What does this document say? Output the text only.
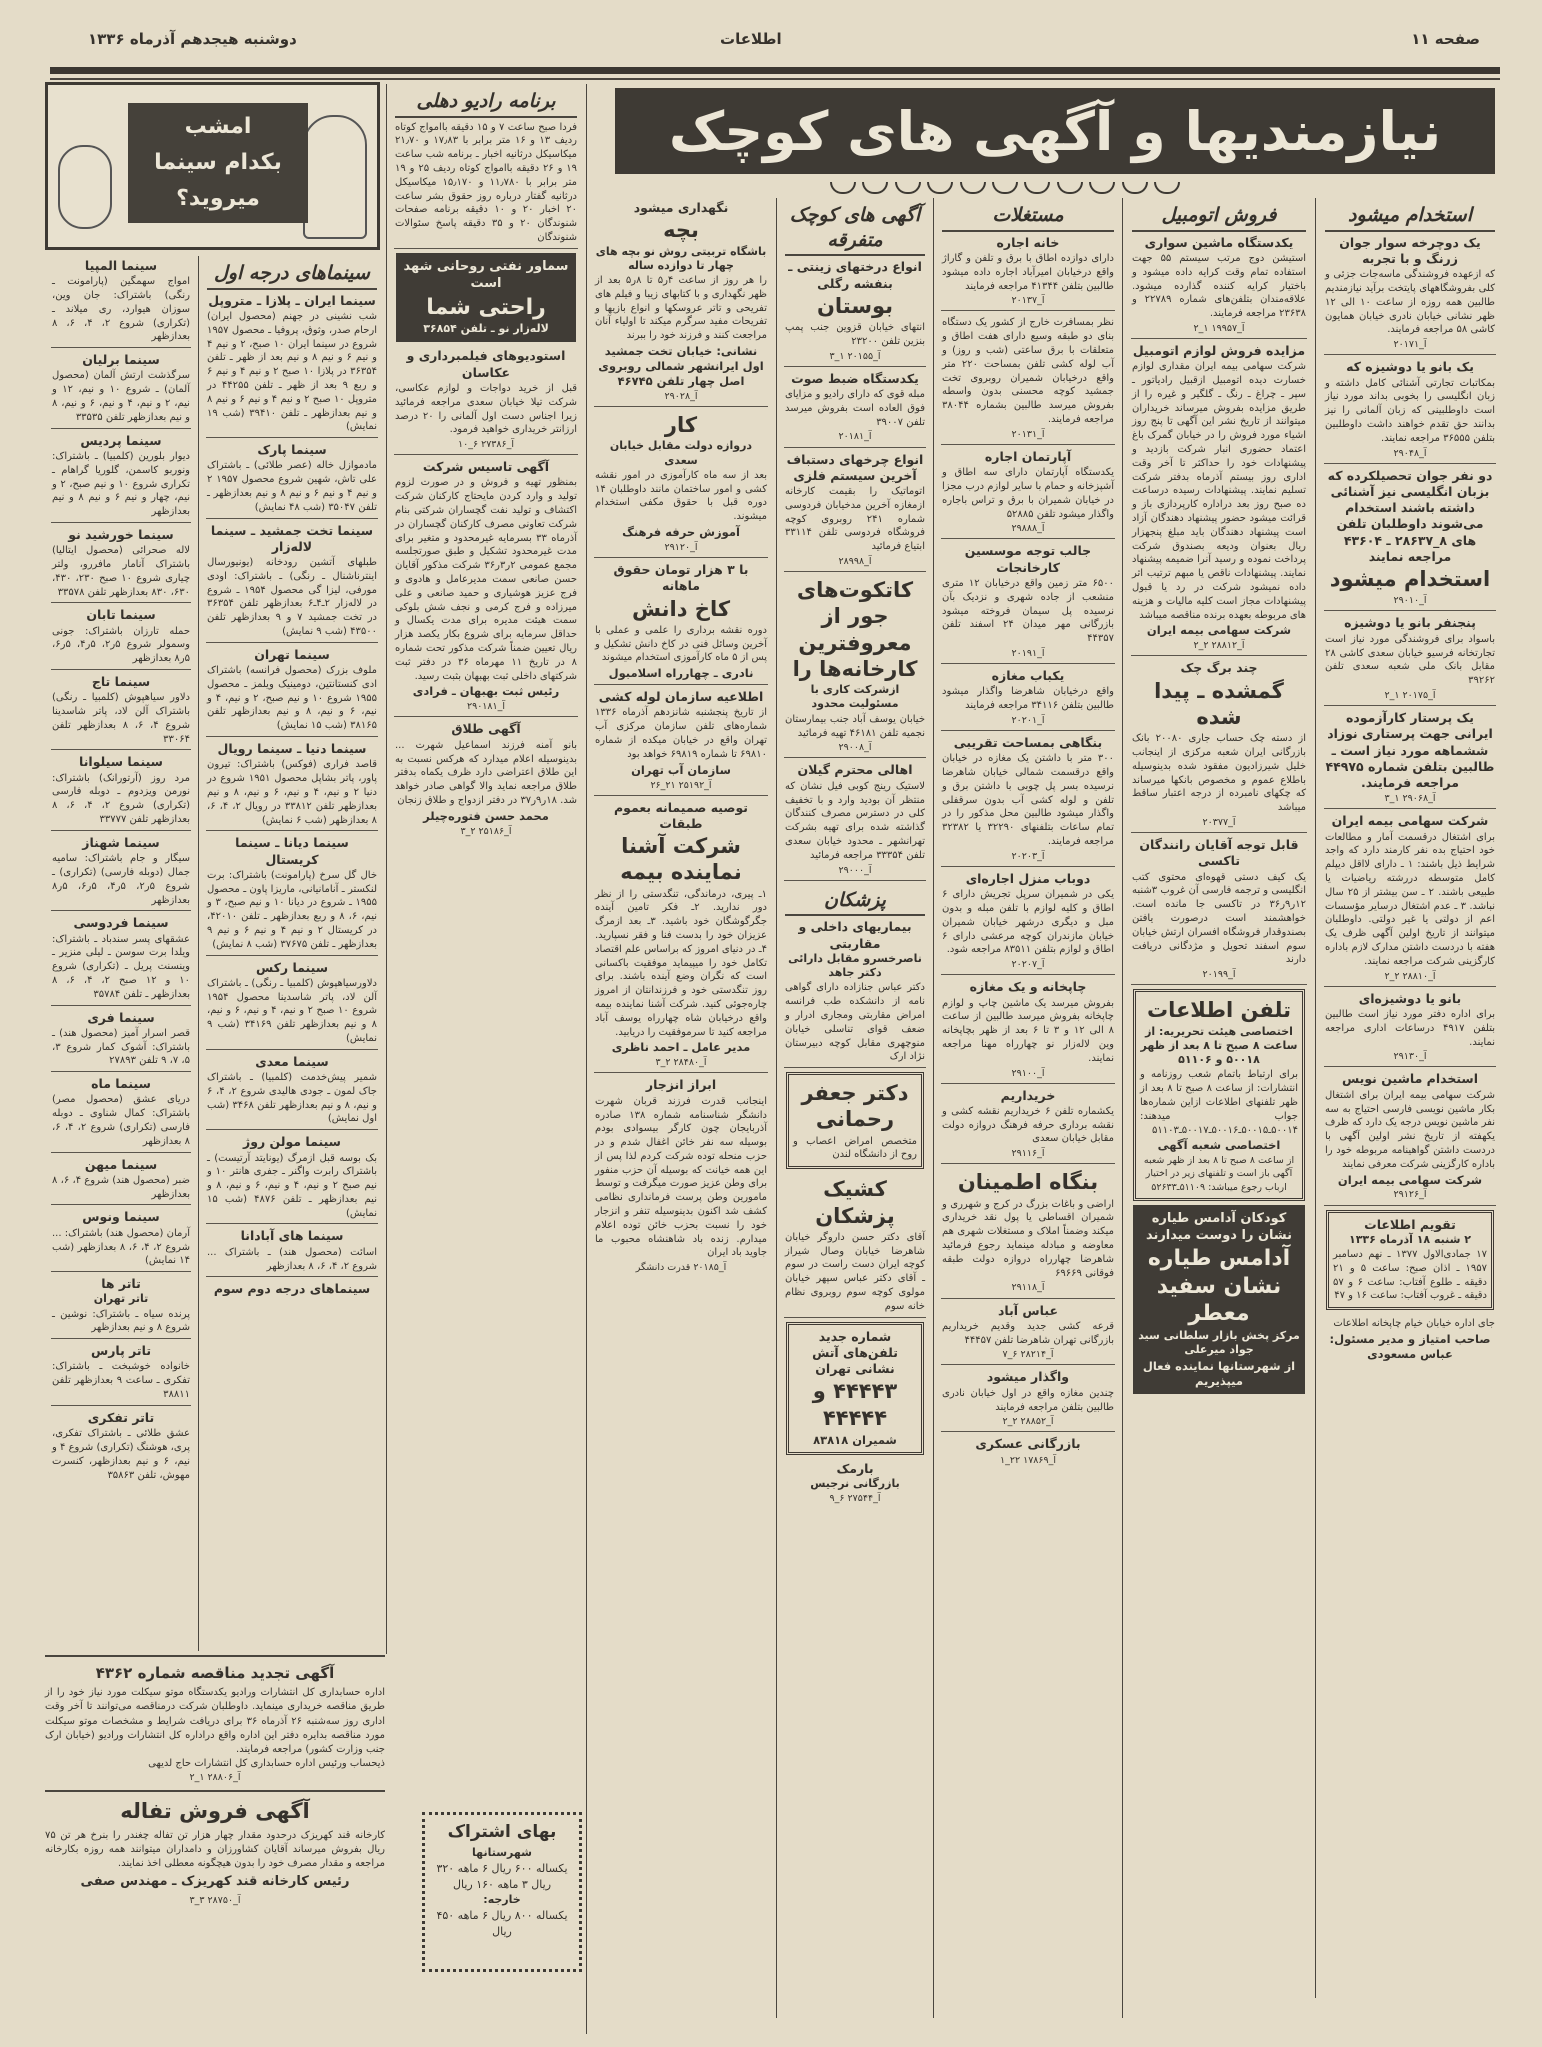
صفحه ۱۱
اطلاعات
دوشنبه هیجدهم آذرماه ۱۳۳۶
نیازمندیها و آگهی های کوچک
امشب
بکدام سینما
میروید؟
استخدام میشود
یک دوچرخه سوار جوان زرنگ و با تجربه
که ازعهده فروشندگی ماسه‌جات جزئی و کلی بفروشگاههای پایتخت برآید نیازمندیم طالبین همه روزه از ساعت ۱۰ الی ۱۲ ظهر نشانی خیابان نادری خیابان همایون کاشی ۵۸ مراجعه فرمایند.
آ_۲۰۱۷۱
یک بانو یا دوشیزه که
بمکاتبات تجارتی آشنائی کامل داشته و زبان انگلیسی را بخوبی بداند مورد نیاز است داوطلبینی که زبان آلمانی را نیز بدانند حق تقدم خواهند داشت داوطلبین بتلفن ۳۶۵۵۵ مراجعه نمایند.
آ_۲۹۰۴۸
دو نفر جوان تحصیلکرده که بزبان انگلیسی نیز آشنائی داشته باشند استخدام می‌شوند داوطلبان تلفن های ۸_۲۸۶۳۷ ـ ۴۳۶۰۴ مراجعه نمایند
استخدام میشود
آ_۲۹۰۱۰
پنجنفر بانو یا دوشیزه
باسواد برای فروشندگی مورد نیاز است تجارتخانه فرسیو خیابان سعدی کاشی ۲۸ مقابل بانک ملی شعبه سعدی تلفن ۳۹۲۶۲
آ_۲۰۱۷۵ ۱_۲
یک پرستار کارآزموده ایرانی جهت پرستاری نوزاد ششماهه مورد نیاز است ـ طالبین بتلفن شماره ۴۴۹۷۵ مراجعه فرمایند.
آ_۲۹۰۶۸ ۱_۳
شرکت سهامی بیمه ایران
برای اشتغال درقسمت آمار و مطالعات خود احتیاج بده نفر کارمند دارد که واجد شرایط ذیل باشند: ۱ ـ دارای لااقل دیپلم کامل متوسطه دررشته ریاضیات یا طبیعی باشند. ۲ ـ سن بیشتر از ۲۵ سال نباشد. ۳ ـ عدم اشتغال درسایر مؤسسات اعم از دولتی یا غیر دولتی. داوطلبان میتوانند از تاریخ اولین آگهی ظرف یک هفته با دردست داشتن مدارک لازم باداره کارگزینی شرکت مراجعه نمایند.
آ_۲۸۸۱۰ ۲_۲
بانو یا دوشیزه‌ای
برای اداره دفتر مورد نیاز است طالبین بتلفن ۴۹۱۷ درساعات اداری مراجعه نمایند.
آ_۲۹۱۳۰
استخدام ماشین نویس
شرکت سهامی بیمه ایران برای اشتغال بکار ماشین نویسی فارسی احتیاج به سه نفر ماشین نویس درجه یک دارد که ظرف یکهفته از تاریخ نشر اولین آگهی با دردست داشتن گواهینامه مربوطه خود را باداره کارگزینی شرکت معرفی نمایند
شرکت سهامی بیمه ایران
آ_۲۹۱۲۶
تقویم اطلاعات
۲ شنبه ۱۸ آذرماه ۱۳۳۶
۱۷ جمادی‌الاول ۱۳۷۷ ـ نهم دسامبر ۱۹۵۷ ـ اذان صبح: ساعت ۵ و ۲۱ دقیقه ـ طلوع آفتاب: ساعت ۶ و ۵۷ دقیقه ـ غروب آفتاب: ساعت ۱۶ و ۴۷
جای اداره خیابان خیام چاپخانه اطلاعات
صاحب امتیاز و مدیر مسئول: عباس مسعودی
فروش اتومبیل
یکدستگاه ماشین سواری
استیشن دوج مرتب سیستم ۵۵ جهت استفاده تمام وقت کرایه داده میشود و باختیار کرایه کننده گذارده میشود. علاقه‌مندان بتلفن‌های شماره ۲۲۷۸۹ و ۲۳۶۳۸ مراجعه فرمایند.
آ_۱۹۹۵۷ ۱_۲
مزایده فروش لوازم اتومبیل
شرکت سهامی بیمه ایران مقداری لوازم خسارت دیده اتومبیل ازقبیل رادیاتور ـ سپر ـ چراغ ـ رنگ ـ گلگیر و غیره را از طریق مزایده بفروش میرساند خریداران میتوانند از تاریخ نشر این آگهی تا پنج روز اشیاء مورد فروش را در خیابان گمرک باغ اعتماد حضوری انبار شرکت بازدید و پیشنهادات خود را حداکثر تا آخر وقت اداری روز بیستم آذرماه بدفتر شرکت تسلیم نمایند. پیشنهادات رسیده درساعت ده صبح روز بعد دراداره کارپردازی باز و قرائت میشود حضور پیشنهاد دهندگان آزاد است پیشنهاد دهندگان باید مبلغ پنجهزار ریال بعنوان ودیعه بصندوق شرکت پرداخت نموده و رسید آنرا ضمیمه پیشنهاد نمایند. پیشنهادات ناقص یا مبهم ترتیب اثر داده نمیشود شرکت در رد یا قبول پیشنهادات مجاز است کلیه مالیات و هزینه های مربوطه بعهده برنده مناقصه میباشد
شرکت سهامی بیمه ایران
آ_۲۸۸۱۲ ۲_۲
چند برگ چک
گمشده ـ پیدا شده
از دسته چک حساب جاری ۲۰۰۸۰ بانک بازرگانی ایران شعبه مرکزی از اینجانب خلیل شیرزادیون مفقود شده بدینوسیله باطلاع عموم و مخصوص بانکها میرساند که چکهای نامبرده از درجه اعتبار ساقط میباشد
آ_۲۰۳۷۷
قابل توجه آقایان رانندگان تاکسی
یک کیف دستی قهوه‌ای محتوی کتب انگلیسی و ترجمه فارسی آن غروب ۳شنبه ۱۲ر۹ر۳۶ در تاکسی جا مانده است. خواهشمند است درصورت یافتن بصندوقدار فروشگاه افسران ارتش خیابان سوم اسفند تحویل و مژدگانی دریافت دارند
آ_۲۰۱۹۹
تلفن اطلاعات
اختصاصی هیئت تحریریه: از ساعت ۸ صبح تا ۸ بعد از ظهر ۵۰۰۱۸ و ۵۱۱۰۶
برای ارتباط باتمام شعب روزنامه و انتشارات: از ساعت ۸ صبح تا ۸ بعد از ظهر تلفنهای اطلاعات ازاین شماره‌ها جواب میدهند: ۵۰۰۱۴ـ۵۰۰۱۵ـ۵۰۰۱۶ـ۵۰۰۱۷ـ۵۱۱۰۳
اختصاصی شعبه آگهی
از ساعت ۸ صبح تا ۸ بعد از ظهر شعبه آگهی باز است و تلفنهای زیر در اختیار ارباب رجوع میباشد: ۵۱۱۰۹ـ۵۲۶۳۳
کودکان آدامس طیاره نشان را دوست میدارند
آدامس طیاره نشان سفید معطر
مرکز پخش بازار سلطانی سید جواد میرعلی
از شهرستانها نماینده فعال میپذیریم
مستغلات
خانه اجاره
دارای دوازده اطاق با برق و تلفن و گاراژ واقع درخیابان امیرآباد اجاره داده میشود طالبین بتلفن ۴۱۳۴۴ مراجعه فرمایند
آ_۲۰۱۳۷
نظر بمسافرت خارج از کشور یک دستگاه بنای دو طبقه وسیع دارای هفت اطاق و متعلقات با برق ساعتی (شب و روز) و آب لوله کشی تلفن بمساحت ۲۲۰ متر واقع درخیابان شمیران روبروی تخت جمشید کوچه محسنی بدون واسطه بفروش میرسد طالبین بشماره ۳۸۰۴۴ مراجعه فرمایند.
آ_۲۰۱۳۱
آپارتمان اجاره
یکدستگاه آپارتمان دارای سه اطاق و آشپزخانه و حمام با سایر لوازم درب مجزا در خیابان شمیران با برق و تراس باجاره واگذار میشود تلفن ۵۲۸۸۵
آ_۲۹۸۸۸
جالب توجه موسسین کارخانجات
۶۵۰۰ متر زمین واقع درخیابان ۱۲ متری منشعب از جاده شهری و نزدیک بآن نرسیده پل سیمان فروخته میشود بازرگانی مهر میدان ۲۴ اسفند تلفن ۴۴۳۵۷
آ_۲۰۱۹۱
یکباب مغازه
واقع درخیابان شاهرضا واگذار میشود طالبین بتلفن ۳۴۱۱۶ مراجعه فرمایند
آ_۲۰۲۰۱
بنگاهی بمساحت تقریبی
۳۰۰ متر با داشتن یک مغازه در خیابان واقع درقسمت شمالی خیابان شاهرضا نرسیده بسر پل چوبی با داشتن برق و تلفن و لوله کشی آب بدون سرقفلی واگذار میشود طالبین محل مذکور را در تمام ساعات بتلفنهای ۳۲۲۹۰ یا ۳۲۳۸۲ مراجعه فرمایند.
آ_۲۰۲۰۳
دوباب منزل اجاره‌ای
یکی در شمیران سرپل تجریش دارای ۶ اطاق و کلیه لوازم با تلفن مبله و بدون مبل و دیگری درشهر خیابان شمیران خیابان مازندران کوچه مرعشی دارای ۶ اطاق و لوازم بتلفن ۸۳۵۱۱ مراجعه شود.
آ_۲۰۲۰۷
چاپخانه و یک مغازه
بفروش میرسد یک ماشین چاپ و لوازم چاپخانه بفروش میرسد طالبین از ساعت ۸ الی ۱۲ و ۳ تا ۶ بعد از ظهر بچاپخانه وین لاله‌زار نو چهارراه مهنا مراجعه نمایند.
آ_۲۹۱۰۰
خریداریم
یکشماره تلفن ۶ خریداریم نقشه کشی و نقشه برداری حرفه فرهنگ دروازه دولت مقابل خیابان سعدی
آ_۲۹۱۱۶
بنگاه اطمینان
اراضی و باغات بزرگ در کرج و شهرری و شمیران اقساطی یا پول نقد خریداری میکند وضمناً املاک و مستغلات شهری هم معاوضه و مبادله مینماید رجوع فرمائید شاهرضا چهارراه دروازه دولت طبقه فوقانی ۶۹۶۶۹
آ_۲۹۱۱۸
عباس آباد
قرعه کشی جدید وقدیم خریداریم بازرگانی تهران شاهرضا تلفن ۴۴۴۵۷
آ_۲۸۲۱۴ ۶_۷
واگذار میشود
چندین مغازه واقع در اول خیابان نادری طالبین بتلفن مراجعه فرمایند
آ_۲۸۸۵۲ ۲_۲
بازرگانی عسکری
آ_۱۷۸۶۹ ۲۲_۱
آگهی های کوچک متفرقه
انواع درختهای زینتی ـ بنفشه رگلی
بوستان
انتهای خیابان قزوین جنب پمپ بنزین تلفن ۲۳۲۰۰
آ_۲۰۱۵۵ ۱_۳
یکدستگاه ضبط صوت
مبله قوی که دارای رادیو و مزایای فوق العاده است بفروش میرسد تلفن ۳۹۰۰۷
آ_۲۰۱۸۱
انواع چرخهای دستباف آخرین سیستم فلزی
اتوماتیک را بقیمت کارخانه ازمغازه آخرین مدخیابان فردوسی شماره ۲۴۱ روبروی کوچه فروشگاه فردوسی تلفن ۳۳۱۱۴ ابتیاع فرمائید
آ_۲۸۹۹۸
کاتکوت‌های جور از معروفترین کارخانه‌ها را
ازشرکت کاری با مسئولیت محدود
خیابان یوسف آباد جنب بیمارستان نجمیه تلفن ۴۶۱۸۱ تهیه فرمائید
آ_۲۹۰۰۸
اهالی محترم گیلان
لاستیک رینج کوبی فیل نشان که منتظر آن بودید وارد و با تخفیف کلی در دسترس مصرف کنندگان گذاشته شده برای تهیه بشرکت تهرانشهر ـ محدود خیابان سعدی تلفن ۳۳۳۵۴ مراجعه فرمائید
آ_۲۹۰۰۰
پزشکان
بیماریهای داخلی و مقاربتی
ناصرخسرو مقابل دارائی دکتر جاهد
دکتر عباس جنازاده دارای گواهی نامه از دانشکده طب فرانسه امراض مقاربتی ومجاری ادرار و ضعف قوای تناسلی خیابان منوچهری مقابل کوچه دبیرستان نژاد ارک
دکتر جعفر رحمانی
متخصص امراض اعصاب و روح از دانشگاه لندن
کشیک پزشکان
آقای دکتر حسن داروگر خیابان شاهرضا خیابان وصال شیراز کوچه ایران دست راست در سوم ـ آقای دکتر عباس سپهر خیابان مولوی کوچه سوم روبروی نظام خانه سوم
شماره جدید تلفن‌های آتش نشانی تهران
۴۴۴۴۳ و ۴۴۴۴۴
شمیران ۸۳۸۱۸
بارمک
بازرگانی نرجیس
آ_۲۷۵۴۴ ۶_۹
نگهداری میشود
بچه
باشگاه تربیتی روش نو بچه های چهار تا دوازده ساله
را هر روز از ساعت ۴ر۵ تا ۸ر۵ بعد از ظهر نگهداری و با کتابهای زیبا و فیلم های تفریحی و تاتر عروسکها و انواع بازیها و تفریحات مفید سرگرم میکند تا اولیاء آنان مراجعت کنند و فرزند خود را ببرند
نشانی: خیابان تخت جمشید اول ایرانشهر شمالی روبروی اصل چهار تلفن ۴۶۷۴۵
آ_۲۹۰۲۸
کار
دروازه دولت مقابل خیابان سعدی
بعد از سه ماه کارآموزی در امور نقشه کشی و امور ساختمان مانند داوطلبان ۱۴ دوره قبل با حقوق مکفی استخدام میشوند.
آموزش حرفه فرهنگ
آ_۲۹۱۲۰
با ۳ هزار تومان حقوق ماهانه
کاخ دانش
دوره نقشه برداری را علمی و عملی با آخرین وسائل فنی در کاخ دانش تشکیل و پس از ۵ ماه کارآموزی استخدام میشوند
نادری ـ چهارراه اسلامبول
اطلاعیه سازمان لوله کشی
از تاریخ پنجشنبه شانزدهم آذرماه ۱۳۳۶ شماره‌های تلفن سازمان مرکزی آب تهران واقع در خیابان میکده از شماره ۶۹۸۱۰ تا شماره ۶۹۸۱۹ خواهد بود
سازمان آب تهران
آ_۲۵۱۹۲ ۲۱_۲۶
توصیه صمیمانه بعموم طبقات
شرکت آشنا نماینده بیمه
۱ـ پیری، درماندگی، تنگدستی را از نظر دور ندارید. ۲ـ فکر تامین آینده جگرگوشگان خود باشید. ۳ـ بعد ازمرگ عزیزان خود را بدست فنا و فقر نسپارید. ۴ـ در دنیای امروز که براساس علم اقتصاد تکامل خود را میپیماید موفقیت باکسانی است که نگران وضع آینده باشند. برای روز تنگدستی خود و فرزندانتان از امروز چاره‌جوئی کنید. شرکت آشنا نماینده بیمه واقع درخیابان شاه چهارراه یوسف آباد مراجعه کنید تا سرموفقیت را دریابید.
مدیر عامل ـ احمد ناظری
آ_۲۸۴۸۰ ۲_۳
ابراز انزجار
اینجانب قدرت فرزند قربان شهرت دانشگر شناسنامه شماره ۱۳۸ صادره آذربایجان چون کارگر بیسوادی بودم بوسیله سه نفر خائن اغفال شدم و در حزب منحله توده شرکت کردم لذا پس از این همه خیانت که بوسیله آن حزب منفور برای وطن عزیز صورت میگرفت و توسط مامورین وطن پرست فرمانداری نظامی کشف شد اکنون بدینوسیله تنفر و انزجار خود را نسبت بحزب خائن توده اعلام میدارم. زنده باد شاهنشاه محبوب ما جاوید باد ایران
آ_۲۰۱۸۵ قدرت دانشگر
برنامه رادیو دهلی
فردا صبح ساعت ۷ و ۱۵ دقیقه باامواج کوتاه ردیف ۱۳ و ۱۶ متر برابر با ۱۷٫۸۳ و ۲۱٫۷۰ میکاسیکل درثانیه اخبار ـ برنامه شب ساعت ۱۹ و ۲۶ دقیقه باامواج کوتاه ردیف ۲۵ و ۱۹ متر برابر با ۱۱٫۷۸۰ و ۱۵٫۱۷۰ میکاسیکل درثانیه گفتار درباره روز حقوق بشر ساعت ۲۰ اخبار ۲۰ و ۱۰ دقیقه برنامه صفحات شنوندگان ۲۰ و ۳۵ دقیقه پاسخ سئوالات شنوندگان
سماور نفتی روحانی شهد است
راحتی شما
لاله‌زار نو ـ تلفن ۳۶۸۵۴
استودیوهای فیلمبرداری و عکاسان
قبل از خرید دواجات و لوازم عکاسی، شرکت تیلا خیابان سعدی مراجعه فرمائید زیرا اجناس دست اول آلمانی را ۲۰ درصد ارزانتر خریداری خواهید فرمود.
آ_۲۷۳۸۶ ۶_۱۰
آگهی تاسیس شرکت
بمنظور تهیه و فروش و در صورت لزوم تولید و وارد کردن مایحتاج کارکنان شرکت اکتشاف و تولید نفت گچساران شرکتی بنام شرکت تعاونی مصرف کارکنان گچساران در آذرماه ۳۳ بسرمایه غیرمحدود و متغیر برای مدت غیرمحدود تشکیل و طبق صورتجلسه مجمع عمومی ۲ر۳ر۳۶ شرکت مذکور آقایان حسن صانعی سمت مدیرعامل و هادوی و فرج عزیز هوشیاری و حمید صانعی و علی میرزاده و فرج کرمی و نجف شش بلوکی سمت هیئت مدیره برای مدت یکسال و حداقل سرمایه برای شروع بکار یکصد هزار ریال تعیین ضمناً شرکت مذکور تحت شماره ۸ در تاریخ ۱۱ مهرماه ۳۶ در دفتر ثبت شرکتهای داخلی ثبت بهبهان بثبت رسید.
رئیس ثبت بهبهان ـ فرادی
آ_۲۹۰۱۸۱
آگهی طلاق
بانو آمنه فرزند اسماعیل شهرت ... بدینوسیله اعلام میدارد که هرکس نسبت به این طلاق اعتراضی دارد ظرف یکماه بدفتر طلاق مراجعه نماید والا گواهی صادر خواهد شد. ۱۸ر۹ر۳۷ در دفتر ازدواج و طلاق زنجان
محمد حسن فتوره‌چیلر
آ_۲۵۱۸۶ ۲_۳
سینماهای درجه اول
سینما ایران ـ پلازا ـ متروپل
شب نشینی در جهنم (محصول ایران) ارحام صدر، وثوق، پروفیا ـ محصول ۱۹۵۷ شروع در سینما ایران ۱۰ صبح، ۲ و نیم ۴ و نیم ۶ و نیم ۸ و نیم بعد از ظهر ـ تلفن ۳۶۳۵۴ در پلازا ۱۰ صبح ۲ و نیم ۴ و نیم ۶ و ربع ۹ بعد از ظهر ـ تلفن ۴۴۲۵۵ در متروپل ۱۰ صبح ۲ و نیم ۴ و نیم ۶ و نیم ۸ و نیم بعدازظهر ـ تلفن ۳۹۴۱۰ (شب ۱۹ نمایش)
سینما پارک
مادموازل خاله (عصر طلائی) ـ باشتراک علی تاش، شهین شروع محصول ۱۹۵۷ ۲ و نیم ۴ و نیم ۶ و نیم ۸ و نیم بعدازظهر ـ تلفن ۳۵۰۴۷ (شب ۴۸ نمایش)
سینما تخت جمشید ـ سینما لاله‌زار
طبلهای آتشین رودخانه (یونیورسال اینترناشنال ـ رنگی) ـ باشتراک: اودی مورفی، لیزا گی محصول ۱۹۵۴ ـ شروع در لاله‌زار ۲ـ۴ـ۶ بعدازظهر تلفن ۳۶۳۵۴ در تخت جمشید ۷ و ۹ بعدازظهر تلفن ۴۳۵۰۰ (شب ۹ نمایش)
سینما تهران
ملوف بزرک (محصول فرانسه) باشتراک ادی کنستانتین، دومینیک ویلمز ـ محصول ۱۹۵۵ شروع ۱۰ و نیم صبح، ۲ و نیم، ۴ و نیم، ۶ و نیم، ۸ و نیم بعدازظهر تلفن ۳۸۱۶۵ (شب ۱۵ نمایش)
سینما دنیا ـ سینما رویال
قاصد فراری (فوکس) باشتراک: تیرون پاور، پاتر بشاپل محصول ۱۹۵۱ شروع در دنیا ۲ و نیم، ۴ و نیم، ۶ و نیم، ۸ و نیم بعدازظهر تلفن ۳۳۸۱۲ در رویال ۲، ۴، ۶، ۸ بعدازظهر (شب ۶ نمایش)
سینما دیانا ـ سینما کریستال
خال گل سرخ (پارامونت) باشتراک: برت لنکستر ـ آنامانیانی، ماریزا پاون ـ محصول ۱۹۵۵ ـ شروع در دیانا ۱۰ و نیم صبح، ۳ و نیم، ۶، ۸ و ربع بعدازظهر ـ تلفن ۴۲۰۱۰، در کریستال ۲ و نیم ۴ و نیم ۶ و نیم ۹ بعدازظهر ـ تلفن ۳۷۶۷۵ (شب ۸ نمایش)
سینما رکس
دلاورسیاهپوش (کلمبیا ـ رنگی) ـ باشتراک آلن لاد، پاتر شاسدینا محصول ۱۹۵۴ شروع ۱۰ صبح ۲ و نیم، ۴ و نیم، ۶ و نیم، ۸ و نیم بعدازظهر تلفن ۳۴۱۶۹ (شب ۹ نمایش)
سینما معدی
شمیر پیش‌خدمت (کلمبیا) ـ باشتراک جاک لمون ـ جودی هالیدی شروع ۲، ۴، ۶ و نیم، ۸ و نیم بعدازظهر تلفن ۳۴۶۸ (شب اول نمایش)
سینما مولن روژ
بک بوسه قبل ازمرگ (یونایتد آرتیست) ـ باشتراک رابرت واگنر ـ جفری هانتر ۱۰ و نیم صبح ۲ و نیم، ۴ و نیم، ۶ و نیم، ۸ و نیم بعدازظهر ـ تلفن ۴۸۷۶ (شب ۱۵ نمایش)
سینما های آبادانا
اسائت (محصول هند) ـ باشتراک ... شروع ۲، ۴، ۶، ۸ بعدازظهر
سینماهای درجه دوم سوم
سینما المپیا
امواج سهمگین (پارامونت ـ رنگی) باشتراک: جان وین، سوزان هیوارد، ری میلاند ـ (تکراری) شروع ۲، ۴، ۶، ۸ بعدازظهر
سینما برلیان
سرگذشت ارتش آلمان (محصول آلمان) ـ شروع ۱۰ و نیم، ۱۲ و نیم، ۲ و نیم، ۴ و نیم، ۶ و نیم، ۸ و نیم بعدازظهر تلفن ۳۳۵۳۵
سینما پردیس
دیوار بلورین (کلمبیا) ـ باشتراک: ونوربو کاسمن، گلوریا گراهام ـ تکراری شروع ۱۰ و نیم صبح، ۲ و نیم، چهار و نیم ۶ و نیم ۸ و نیم بعدازظهر
سینما خورشید نو
لاله صحرائی (محصول ایتالیا) باشتراک آنامار مافررو، ولتر چیاری شروع ۱۰ صبح ۲۳۰، ۴۳۰، ۶۳۰، ۸۳۰ بعدازظهر تلفن ۳۳۵۷۸
سینما تابان
حمله تارزان باشتراک: جونی وسمولر شروع ۵ر۲، ۵ر۴، ۵ر۶، ۵ر۸ بعدازظهر
سینما تاج
دلاور سیاهپوش (کلمبیا ـ رنگی) باشتراک آلن لاد، پاتر شاسدینا شروع ۴، ۶، ۸ بعدازظهر تلفن ۳۳۰۶۴
سینما سیلوانا
مرد روز (آرتورانک) باشتراک: نورمن ویزدوم ـ دوبله فارسی (تکراری) شروع ۲، ۴، ۶، ۸ بعدازظهر تلفن ۳۳۷۷۷
سینما شهناز
سیگار و جام باشتراک: سامیه جمال (دوبله فارسی) (تکراری) ـ شروع ۵ر۲، ۵ر۴، ۵ر۶، ۵ر۸ بعدازظهر
سینما فردوسی
عشقهای پسر سندباد ـ باشتراک: ویلدا برت سوسن ـ لیلی منزیر ـ وینسنت پریل ـ (تکراری) شروع ۱۰ و ۱۲ صبح ۲، ۴، ۶، ۸ بعدازظهر ـ تلفن ۳۵۷۸۴
سینما فری
قصر اسرار آمیز (محصول هند) ـ باشتراک: آشوک کمار شروع ۳، ۵، ۷، ۹ تلفن ۲۷۸۹۳
سینما ماه
دریای عشق (محصول مصر) باشتراک: کمال شناوی ـ دوبله فارسی (تکراری) شروع ۲، ۴، ۶، ۸ بعدازظهر
سینما میهن
ضبر (محصول هند) شروع ۴، ۶، ۸ بعدازظهر
سینما ونوس
آرمان (محصول هند) باشتراک: ... شروع ۲، ۴، ۶، ۸ بعدازظهر (شب ۱۴ نمایش)
تاتر ها
تاتر تهران
پرنده سیاه ـ باشتراک: نوشین ـ شروع ۸ و نیم بعدازظهر
تاتر پارس
خانواده خوشبخت ـ باشتراک: تفکری ـ ساعت ۹ بعدازظهر تلفن ۳۸۸۱۱
تاتر تفکری
عشق طلائی ـ باشتراک تفکری، پری، هوشنگ (تکراری) شروع ۴ و نیم، ۶ و نیم بعدازظهر، کنسرت مهوش، تلفن ۳۵۸۶۳
آگهی تجدید مناقصه شماره ۴۳۶۲
اداره حسابداری کل انتشارات ورادیو یکدستگاه موتو سیکلت مورد نیاز خود را از طریق مناقصه خریداری مینماید. داوطلبان شرکت درمناقصه می‌توانند تا آخر وقت اداری روز سه‌شنبه ۲۶ آذرماه ۳۶ برای دریافت شرایط و مشخصات موتو سیکلت مورد مناقصه بدایره دفتر این اداره واقع دراداره کل انتشارات ورادیو (خیابان ارک جنب وزارت کشور) مراجعه فرمایند.
ذیحساب ورئیس اداره حسابداری کل انتشارات حاج لدیهی
آ_۲۸۸۰۶ ۱_۲
آگهی فروش تفاله
کارخانه قند کهریزک درحدود مقدار چهار هزار تن تفاله چغندر را بنرخ هر تن ۷۵ ریال بفروش میرساند آقایان کشاورزان و دامداران میتوانند همه روزه بکارخانه مراجعه و مقدار مصرف خود را بدون هیچگونه معطلی اخذ نمایند.
رئیس کارخانه قند کهریزک ـ مهندس صفی
آ_۲۸۷۵۰ ۳_۳
بهای اشتراک
شهرستانها
یکساله ۶۰۰ ریال ۶ ماهه ۳۲۰ ریال ۳ ماهه ۱۶۰ ریال
خارجه:
یکساله ۸۰۰ ریال ۶ ماهه ۴۵۰ ریال
